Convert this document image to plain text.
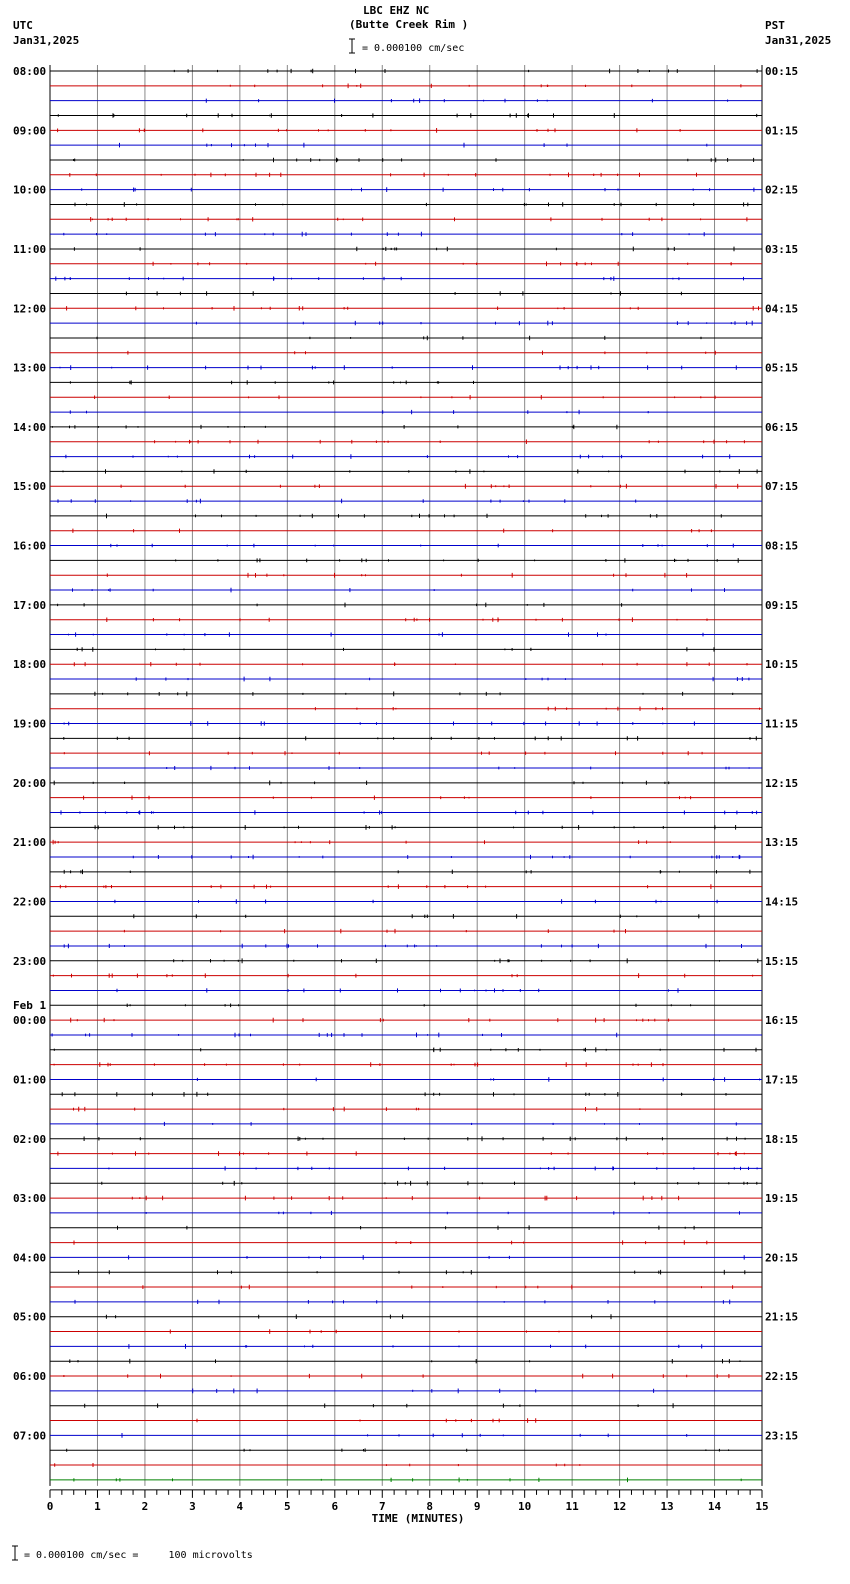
LBC EHZ NC
(Butte Creek Rim )
= 0.000100 cm/sec
UTC
Jan31,2025
PST
Jan31,2025
08:00
09:00
10:00
11:00
12:00
13:00
14:00
15:00
16:00
17:00
18:00
19:00
20:00
21:00
22:00
23:00
00:00
01:00
02:00
03:00
04:00
05:00
06:00
07:00
Feb 1
00:15
01:15
02:15
03:15
04:15
05:15
06:15
07:15
08:15
09:15
10:15
11:15
12:15
13:15
14:15
15:15
16:15
17:15
18:15
19:15
20:15
21:15
22:15
23:15
0	1	2	3	4	5	6	7	8	9	10	11	12	13	14	15
TIME (MINUTES)
= 0.000100 cm/sec =     100 microvolts
